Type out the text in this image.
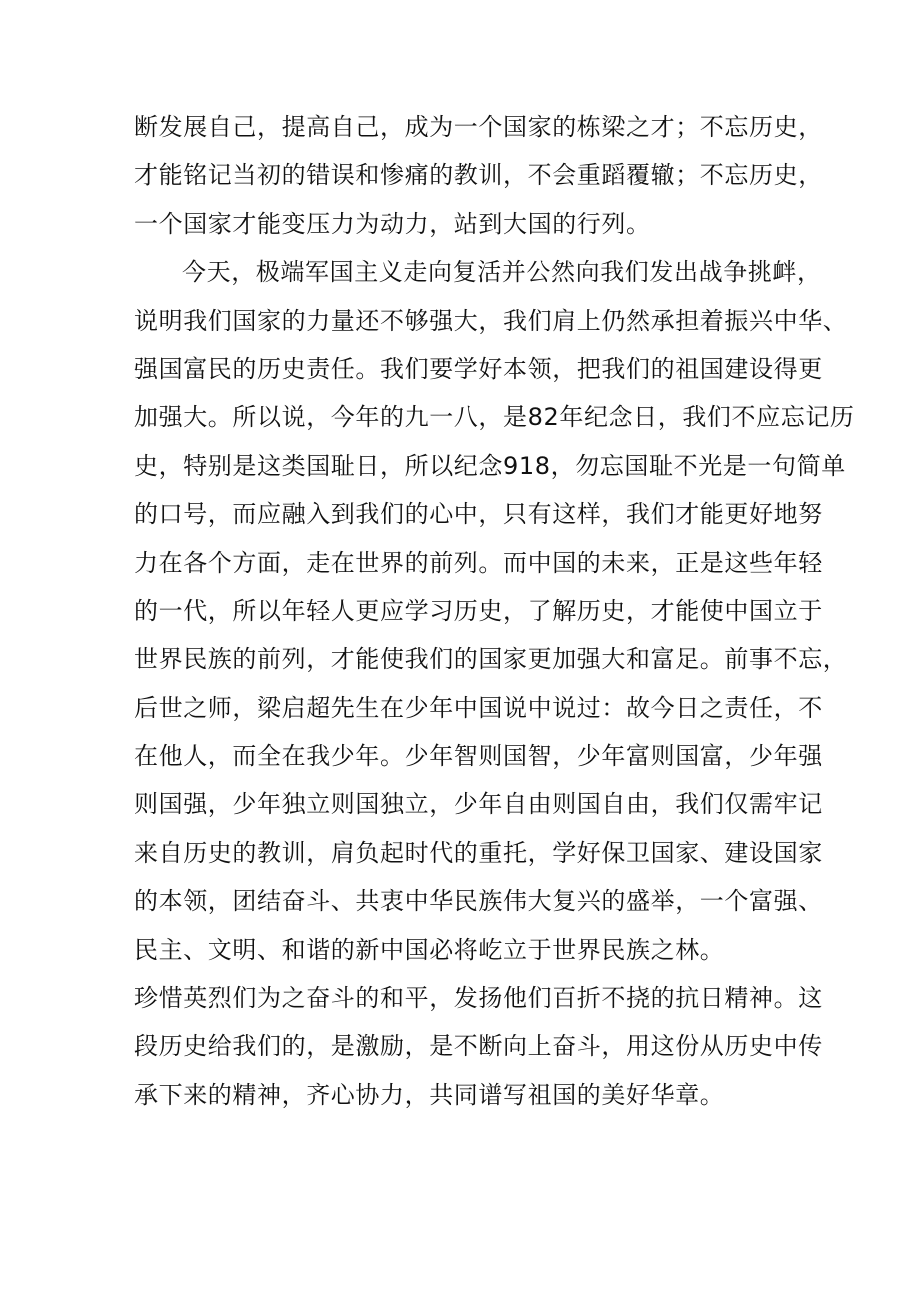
断发展自己，提高自己，成为一个国家的栋梁之才；不忘历史，
才能铭记当初的错误和惨痛的教训，不会重蹈覆辙；不忘历史，
一个国家才能变压力为动力，站到大国的行列。
今天，极端军国主义走向复活并公然向我们发出战争挑衅，
说明我们国家的力量还不够强大，我们肩上仍然承担着振兴中华、
强国富民的历史责任。我们要学好本领，把我们的祖国建设得更
加强大。所以说，今年的九一八，是82年纪念日，我们不应忘记历
史，特别是这类国耻日，所以纪念918，勿忘国耻不光是一句简单
的口号，而应融入到我们的心中，只有这样，我们才能更好地努
力在各个方面，走在世界的前列。而中国的未来，正是这些年轻
的一代，所以年轻人更应学习历史，了解历史，才能使中国立于
世界民族的前列，才能使我们的国家更加强大和富足。前事不忘，
后世之师，梁启超先生在少年中国说中说过：故今日之责任，不
在他人，而全在我少年。少年智则国智，少年富则国富，少年强
则国强，少年独立则国独立，少年自由则国自由，我们仅需牢记
来自历史的教训，肩负起时代的重托，学好保卫国家、建设国家
的本领，团结奋斗、共衷中华民族伟大复兴的盛举，一个富强、
民主、文明、和谐的新中国必将屹立于世界民族之林。
珍惜英烈们为之奋斗的和平，发扬他们百折不挠的抗日精神。这
段历史给我们的，是激励，是不断向上奋斗，用这份从历史中传
承下来的精神，齐心协力，共同谱写祖国的美好华章。
